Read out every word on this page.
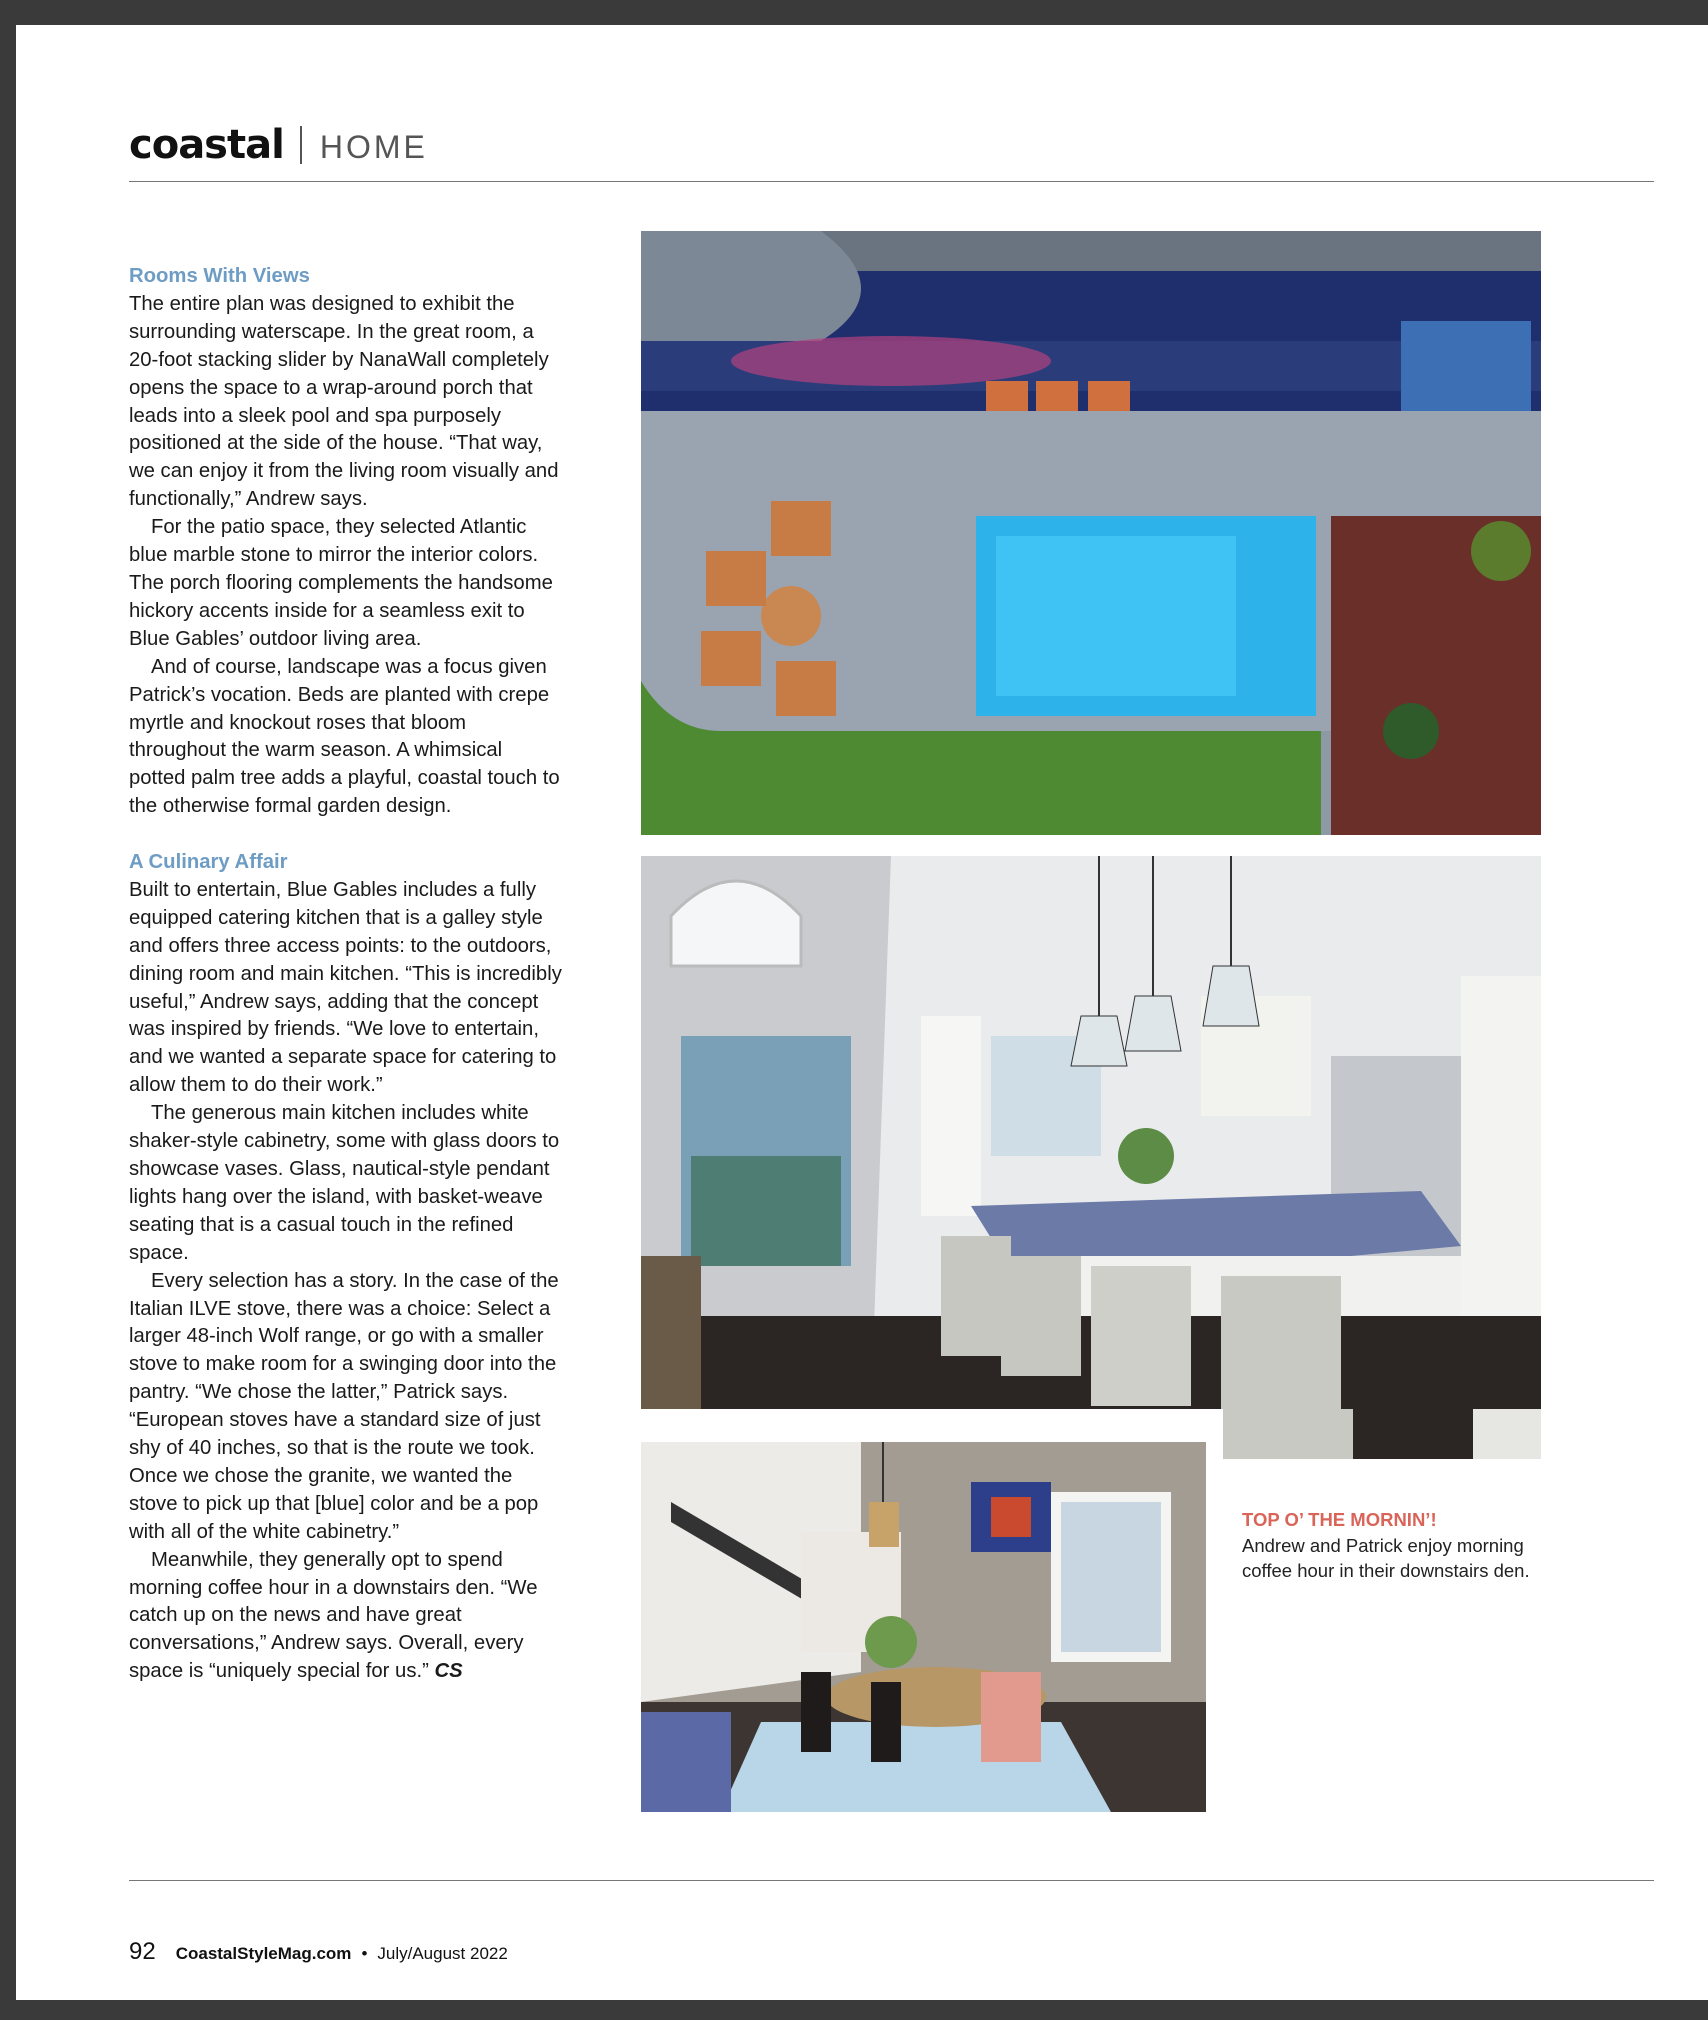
coastal HOME
Rooms With Views

The entire plan was designed to exhibit the surrounding waterscape. In the great room, a 20-foot stacking slider by NanaWall completely opens the space to a wrap-around porch that leads into a sleek pool and spa purposely positioned at the side of the house. “That way, we can enjoy it from the living room visually and functionally,” Andrew says.

For the patio space, they selected Atlantic blue marble stone to mirror the interior colors. The porch flooring complements the handsome hickory accents inside for a seamless exit to Blue Gables’ outdoor living area.

And of course, landscape was a focus given Patrick’s vocation. Beds are planted with crepe myrtle and knockout roses that bloom throughout the warm season. A whimsical potted palm tree adds a playful, coastal touch to the otherwise formal garden design.

A Culinary Affair

Built to entertain, Blue Gables includes a fully equipped catering kitchen that is a galley style and offers three access points: to the outdoors, dining room and main kitchen. “This is incredibly useful,” Andrew says, adding that the concept was inspired by friends. “We love to entertain, and we wanted a separate space for catering to allow them to do their work.”

The generous main kitchen includes white shaker-style cabinetry, some with glass doors to showcase vases. Glass, nautical-style pendant lights hang over the island, with basket-weave seating that is a casual touch in the refined space.

Every selection has a story. In the case of the Italian ILVE stove, there was a choice: Select a larger 48-inch Wolf range, or go with a smaller stove to make room for a swinging door into the pantry. “We chose the latter,” Patrick says. “European stoves have a standard size of just shy of 40 inches, so that is the route we took. Once we chose the granite, we wanted the stove to pick up that [blue] color and be a pop with all of the white cabinetry.”

Meanwhile, they generally opt to spend morning coffee hour in a downstairs den. “We catch up on the news and have great conversations,” Andrew says. Overall, every space is “uniquely special for us.” CS

TOP O’ THE MORNIN’!
Andrew and Patrick enjoy morning coffee hour in their downstairs den.
92 CoastalStyleMag.com • July/August 2022
